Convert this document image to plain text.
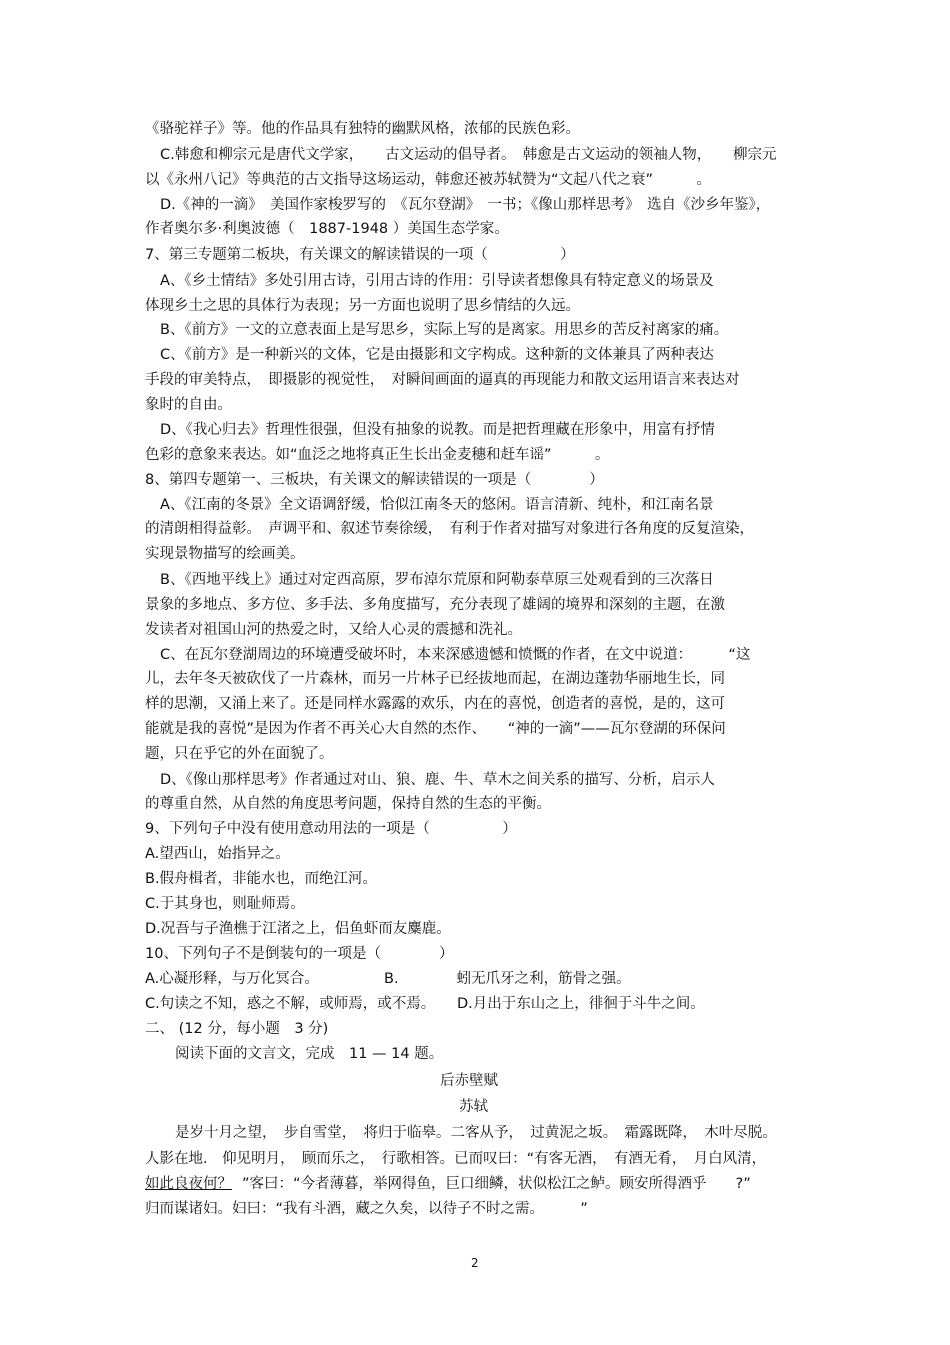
《骆驼祥子》等。他的作品具有独特的幽默风格，浓郁的民族色彩。
C.韩愈和柳宗元是唐代文学家，　　古文运动的倡导者。　韩愈是古文运动的领袖人物，　　柳宗元
以《永州八记》等典范的古文指导这场运动，韩愈还被苏轼赞为“文起八代之衰”　　　。
D.《神的一滴》　美国作家梭罗写的　《瓦尔登湖》　一书；《像山那样思考》　选自《沙乡年鉴》，
作者奥尔多·利奥波德（　1887-1948 ）美国生态学家。
7、第三专题第二板块，有关课文的解读错误的一项（　　　　　）
A、《乡土情结》多处引用古诗，引用古诗的作用：引导读者想像具有特定意义的场景及
体现乡土之思的具体行为表现；另一方面也说明了思乡情结的久远。
B、《前方》一文的立意表面上是写思乡，实际上写的是离家。用思乡的苦反衬离家的痛。
C、《前方》是一种新兴的文体，它是由摄影和文字构成。这种新的文体兼具了两种表达
手段的审美特点，　即摄影的视觉性，　对瞬间画面的逼真的再现能力和散文运用语言来表达对
象时的自由。
D、《我心归去》哲理性很强，但没有抽象的说教。而是把哲理藏在形象中，用富有抒情
色彩的意象来表达。如“血泛之地将真正生长出金麦穗和赶车谣”　　　。
8、第四专题第一、三板块，有关课文的解读错误的一项是（　　　　）
A、《江南的冬景》全文语调舒缓，恰似江南冬天的悠闲。语言清新、纯朴，和江南名景
的清朗相得益彰。　声调平和、叙述节奏徐缓，　有利于作者对描写对象进行各角度的反复渲染，
实现景物描写的绘画美。
B、《西地平线上》通过对定西高原，罗布淖尔荒原和阿勒泰草原三处观看到的三次落日
景象的多地点、多方位、多手法、多角度描写，充分表现了雄阔的境界和深刻的主题，在激
发读者对祖国山河的热爱之时，又给人心灵的震撼和洗礼。
C、在瓦尔登湖周边的环境遭受破坏时，本来深感遗憾和愤慨的作者，在文中说道：　　　“这
儿，去年冬天被砍伐了一片森林，而另一片林子已经拔地而起，在湖边蓬勃华丽地生长，同
样的思潮，又涌上来了。还是同样水露露的欢乐，内在的喜悦，创造者的喜悦，是的，这可
能就是我的喜悦”是因为作者不再关心大自然的杰作、　　“神的一滴”——瓦尔登湖的环保问
题，只在乎它的外在面貌了。
D、《像山那样思考》作者通过对山、狼、鹿、牛、草木之间关系的描写、分析，启示人
的尊重自然，从自然的角度思考问题，保持自然的生态的平衡。
9、下列句子中没有使用意动用法的一项是（　　　　　）
A.望西山，始指异之。
B.假舟楫者，非能水也，而绝江河。
C.于其身也，则耻师焉。
D.况吾与子渔樵于江渚之上，侣鱼虾而友麋鹿。
10、下列句子不是倒装句的一项是（　　　　）
A.心凝形释，与万化冥合。　　　　　B.　　　　蚓无爪牙之利，筋骨之强。
C.句读之不知，惑之不解，或师焉，或不焉。　　D.月出于东山之上，徘徊于斗牛之间。
二、 (12 分，每小题　3 分)
阅读下面的文言文，完成　11 — 14 题。
后赤壁赋
苏轼
是岁十月之望，　步自雪堂，　将归于临皋。二客从予，　过黄泥之坂。　霜露既降，　木叶尽脱。
人影在地.　仰见明月，　顾而乐之，　行歌相答。已而叹曰：“有客无酒，　有酒无肴，　月白风清，
如此良夜何？ ”客曰：“今者薄暮，举网得鱼，巨口细鳞，状似松江之鲈。顾安所得酒乎　　?”
归而谋诸妇。妇曰：“我有斗酒，藏之久矣，以待子不时之需。　　　”
2
